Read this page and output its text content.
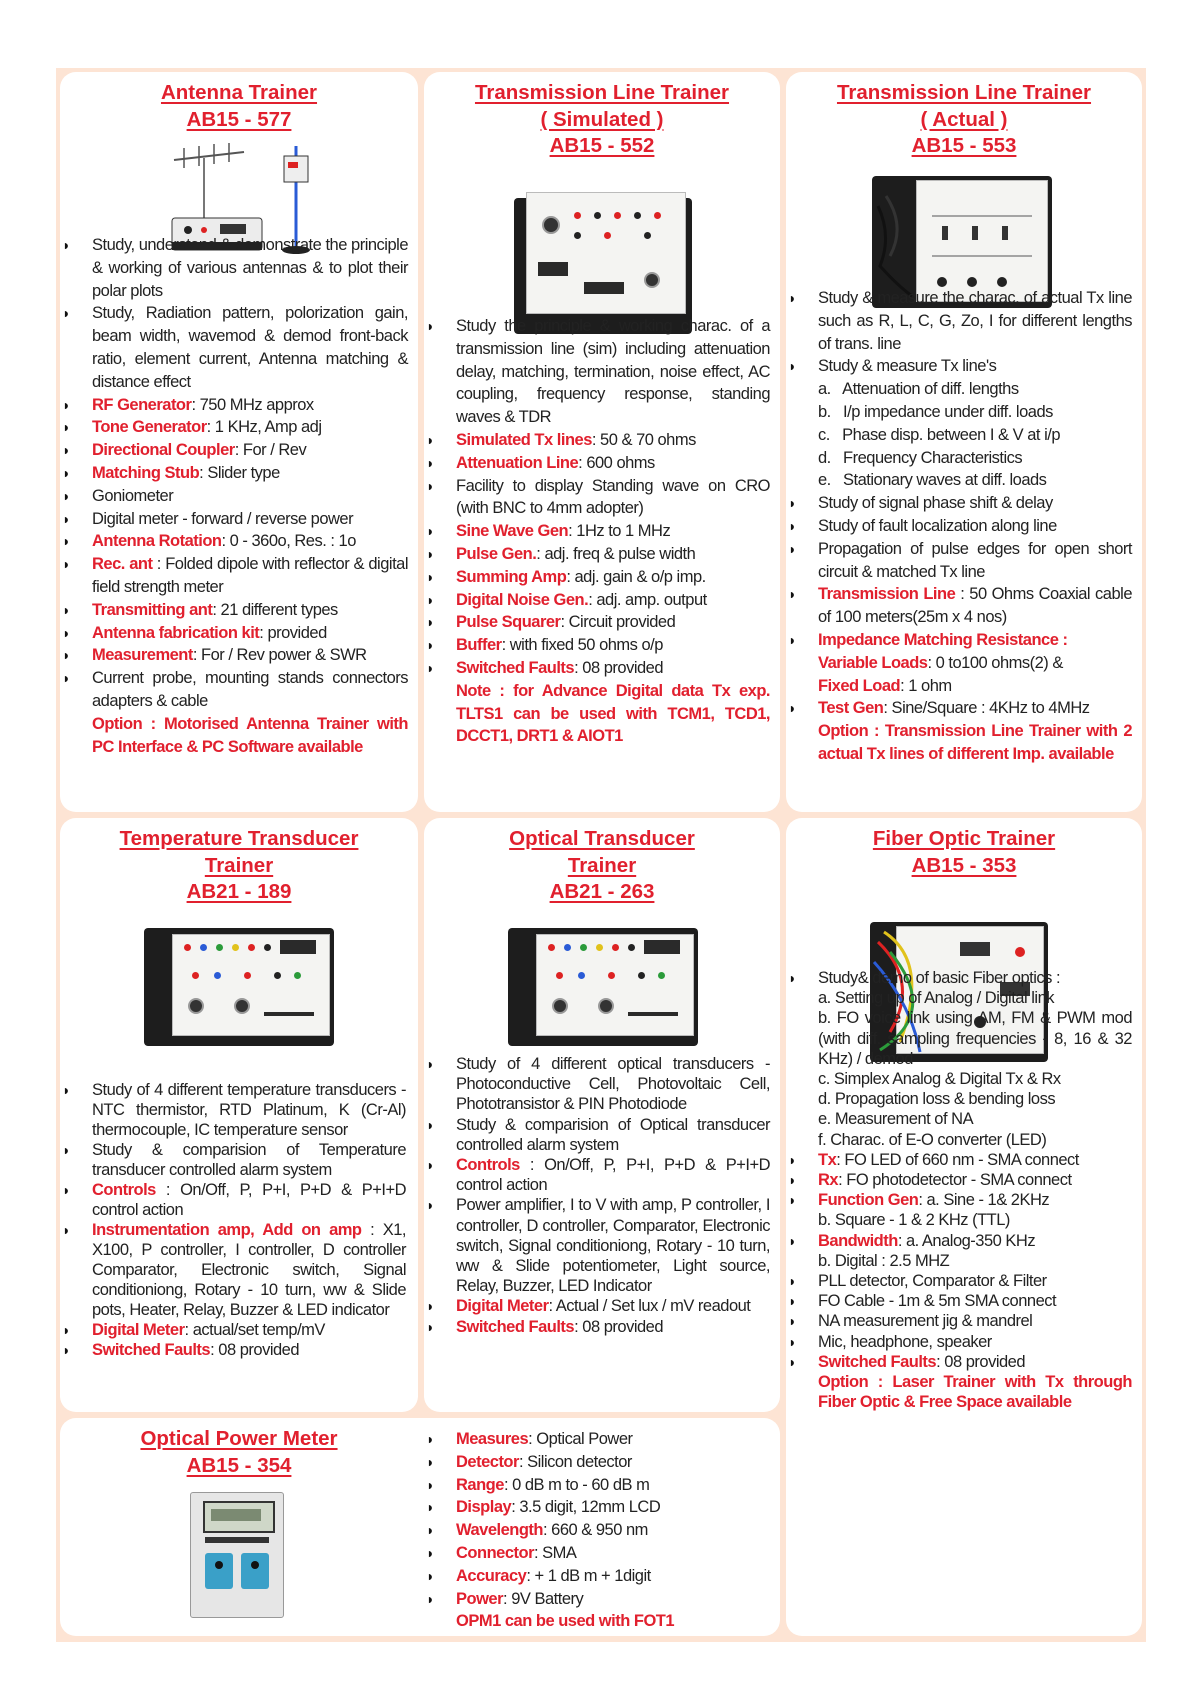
Antenna Trainer
AB15 - 577
◗ Study, understand & demonstrate the principle & working of various antennas & to plot their polar plots
◗ Study, Radiation pattern, polorization gain, beam width, wavemod & demod front-back ratio, element current, Antenna matching & distance effect
◗ RF Generator: 750 MHz approx
◗ Tone Generator: 1 KHz, Amp adj
◗ Directional Coupler: For / Rev
◗ Matching Stub: Slider type
◗ Goniometer
◗ Digital meter - forward / reverse power
◗ Antenna Rotation: 0 - 360o, Res. : 1o
◗ Rec. ant : Folded dipole with reflector & digital field strength meter
◗ Transmitting ant: 21 different types
◗ Antenna fabrication kit: provided
◗ Measurement: For / Rev power & SWR
◗ Current probe, mounting stands connectors adapters & cable
Option : Motorised Antenna Trainer with PC Interface & PC Software available
Transmission Line Trainer
( Simulated )
AB15 - 552
◗ Study the principle & working charac. of a transmission line (sim) including attenuation delay, matching, termination, noise effect, AC coupling, frequency response, standing waves & TDR
◗ Simulated Tx lines: 50 & 70 ohms
◗ Attenuation Line: 600 ohms
◗ Facility to display Standing wave on CRO (with BNC to 4mm adopter)
◗ Sine Wave Gen: 1Hz to 1 MHz
◗ Pulse Gen.: adj. freq & pulse width
◗ Summing Amp: adj. gain & o/p imp.
◗ Digital Noise Gen.: adj. amp. output
◗ Pulse Squarer: Circuit provided
◗ Buffer: with fixed 50 ohms o/p
◗ Switched Faults: 08 provided
Note : for Advance Digital data Tx exp. TLTS1 can be used with TCM1, TCD1, DCCT1, DRT1 & AIOT1
Transmission Line Trainer
( Actual )
AB15 - 553
◗ Study & measure the charac. of actual Tx line such as R, L, C, G, Zo, I for different lengths of trans. line
◗ Study & measure Tx line's
a. Attenuation of diff. lengths
b. I/p impedance under diff. loads
c. Phase disp. between I & V at i/p
d. Frequency Characteristics
e. Stationary waves at diff. loads
◗ Study of signal phase shift & delay
◗ Study of fault localization along line
◗ Propagation of pulse edges for open short circuit & matched Tx line
◗ Transmission Line : 50 Ohms Coaxial cable of 100 meters(25m x 4 nos)
◗ Impedance Matching Resistance :
Variable Loads: 0 to100 ohms(2) &
Fixed Load: 1 ohm
◗ Test Gen: Sine/Square : 4KHz to 4MHz
Option : Transmission Line Trainer with 2 actual Tx lines of different Imp. available
Temperature Transducer
Trainer
AB21 - 189
◗ Study of 4 different temperature transducers - NTC thermistor, RTD Platinum, K (Cr-Al) thermocouple, IC temperature sensor
◗ Study & comparision of Temperature transducer controlled alarm system
◗ Controls : On/Off, P, P+I, P+D & P+I+D control action
◗ Instrumentation amp, Add on amp : X1, X100, P controller, I controller, D controller Comparator, Electronic switch, Signal conditioniong, Rotary - 10 turn, ww & Slide pots, Heater, Relay, Buzzer & LED indicator
◗ Digital Meter: actual/set temp/mV
◗ Switched Faults: 08 provided
Optical Transducer
Trainer
AB21 - 263
◗ Study of 4 different optical transducers - Photoconductive Cell, Photovoltaic Cell, Phototransistor & PIN Photodiode
◗ Study & comparision of Optical transducer controlled alarm system
◗ Controls : On/Off, P, P+I, P+D & P+I+D control action
◗ Power amplifier, I to V with amp, P controller, I controller, D controller, Comparator, Electronic switch, Signal conditioniong, Rotary - 10 turn, ww & Slide potentiometer, Light source, Relay, Buzzer, LED Indicator
◗ Digital Meter: Actual / Set lux / mV readout
◗ Switched Faults: 08 provided
Fiber Optic Trainer
AB15 - 353
◗ Study& demo of basic Fiber optics :
a. Setting up of Analog / Digital link
b. FO voice link using AM, FM & PWM mod (with diff. sampling frequencies - 8, 16 & 32 KHz) / demod
c. Simplex Analog & Digital Tx & Rx
d. Propagation loss & bending loss
e. Measurement of NA
f. Charac. of E-O converter (LED)
◗ Tx: FO LED of 660 nm - SMA connect
◗ Rx: FO photodetector - SMA connect
◗ Function Gen: a. Sine - 1& 2KHz
b. Square - 1 & 2 KHz (TTL)
◗ Bandwidth: a. Analog-350 KHz
b. Digital : 2.5 MHZ
◗ PLL detector, Comparator & Filter
◗ FO Cable - 1m & 5m SMA connect
◗ NA measurement jig & mandrel
◗ Mic, headphone, speaker
◗ Switched Faults: 08 provided
Option : Laser Trainer with Tx through Fiber Optic & Free Space available
Optical Power Meter
AB15 - 354
◗ Measures: Optical Power
◗ Detector: Silicon detector
◗ Range: 0 dB m to - 60 dB m
◗ Display: 3.5 digit, 12mm LCD
◗ Wavelength: 660 & 950 nm
◗ Connector: SMA
◗ Accuracy: + 1 dB m + 1digit
◗ Power: 9V Battery
OPM1 can be used with FOT1
